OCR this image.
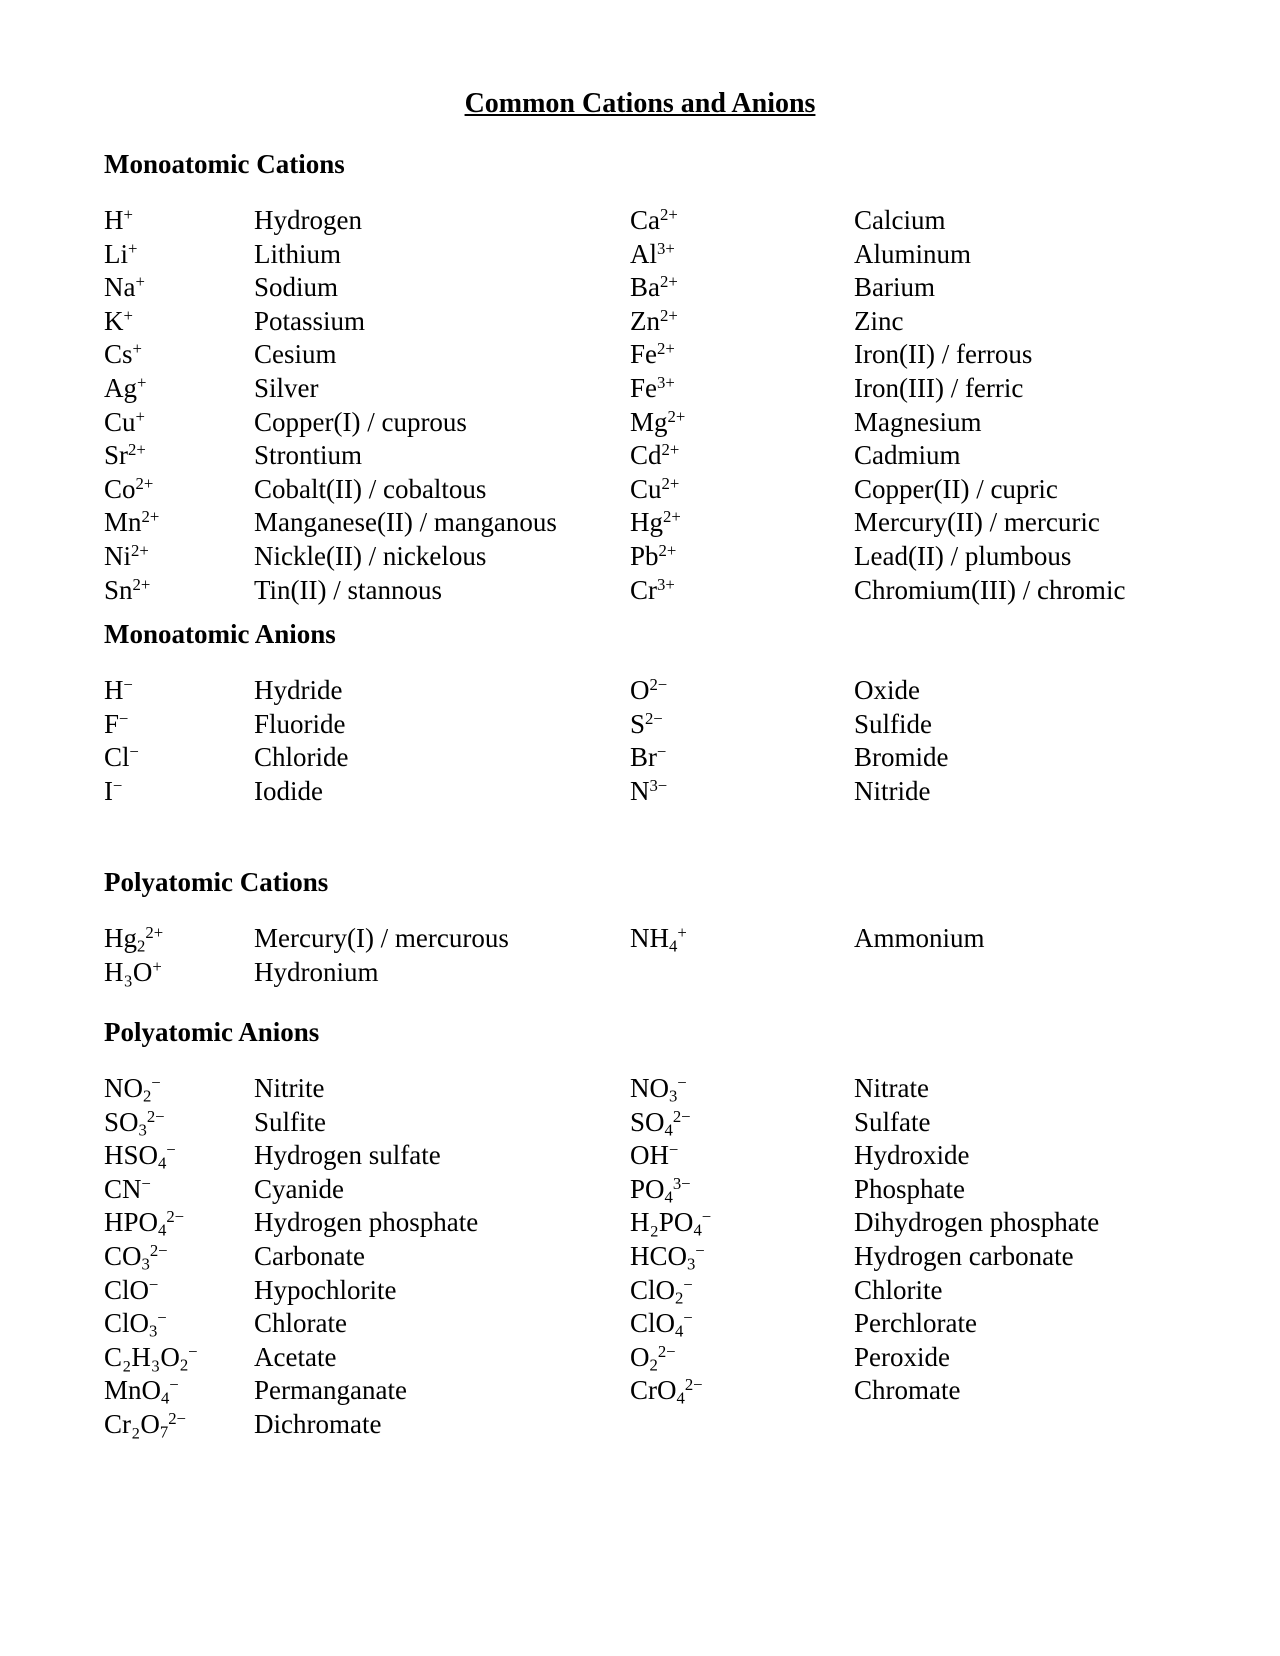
Common Cations and Anions
Monoatomic Cations
H+
Li+
Na+
K+
Cs+
Ag+
Cu+
$Sr^{2+}$
$Co^{2+}$
$Mn^{2+}$
$Ni^{2+}$
$Sn^{2+}$
Hydrogen
Lithium
Sodium
Potassium
Cesium
Silver
Copper(I) / cuprous
Strontium
Cobalt(II) / cobaltous
Manganese(II) / manganous
Nickle(II) / nickelous
Tin(II) / stannous
$Ca^{2+}$
$Al^{3+}$
$Ba^{2+}$
$Zn^{2+}$
$Fe^{2+}$
$Fe^{3+}$
$Mg^{2+}$
$Cd^{2+}$
$Cu^{2+}$
$Hg^{2+}$
$Pb^{2+}$
$Cr^{3+}$
Calcium
Aluminum
Barium
Zinc
Iron(II) / ferrous
Iron(III) / ferric
Magnesium
Cadmium
Copper(II) / cupric
Mercury(II) / mercuric
Lead(II) / plumbous
Chromium(III) / chromic
Monoatomic Anions
H−
F−
Cl−
I−
Hydride
Fluoride
Chloride
Iodide
$O^{2-}$
$S^{2-}$
Br−
$N^{3-}$
Oxide
Sulfide
Bromide
Nitride
Polyatomic Cations
$Hg_2^{2+}$
H₃O+
Mercury(I) / mercurous
Hydronium
$NH_4^+$	Ammonium
Polyatomic Anions
$NO_2^-$
$SO_3^{2-}$
$HSO_4^-$
CN−
$HPO_4^{2-}$
$CO_3^{2-}$
ClO−
ClO$_3$−
$C_2H_3O_2^-$
MnO$_4$−
$Cr_2O_7^{2-}$
Nitrite
Sulfite
Hydrogen sulfate
Cyanide
Hydrogen phosphate
Carbonate
Hypochlorite
Chlorate
Acetate
Permanganate
Dichromate
$NO_3^-$
$SO_4^{2-}$
OH−
$PO_4^{3-}$
$H_2PO_4^-$
$HCO_3^-$
ClO$_2$−
ClO$_4$−
$O_2^{2-}$
CrO$_4^{2-}$
Nitrate
Sulfate
Hydroxide
Phosphate
Dihydrogen phosphate
Hydrogen carbonate
Chlorite
Perchlorate
Peroxide
Chromate
